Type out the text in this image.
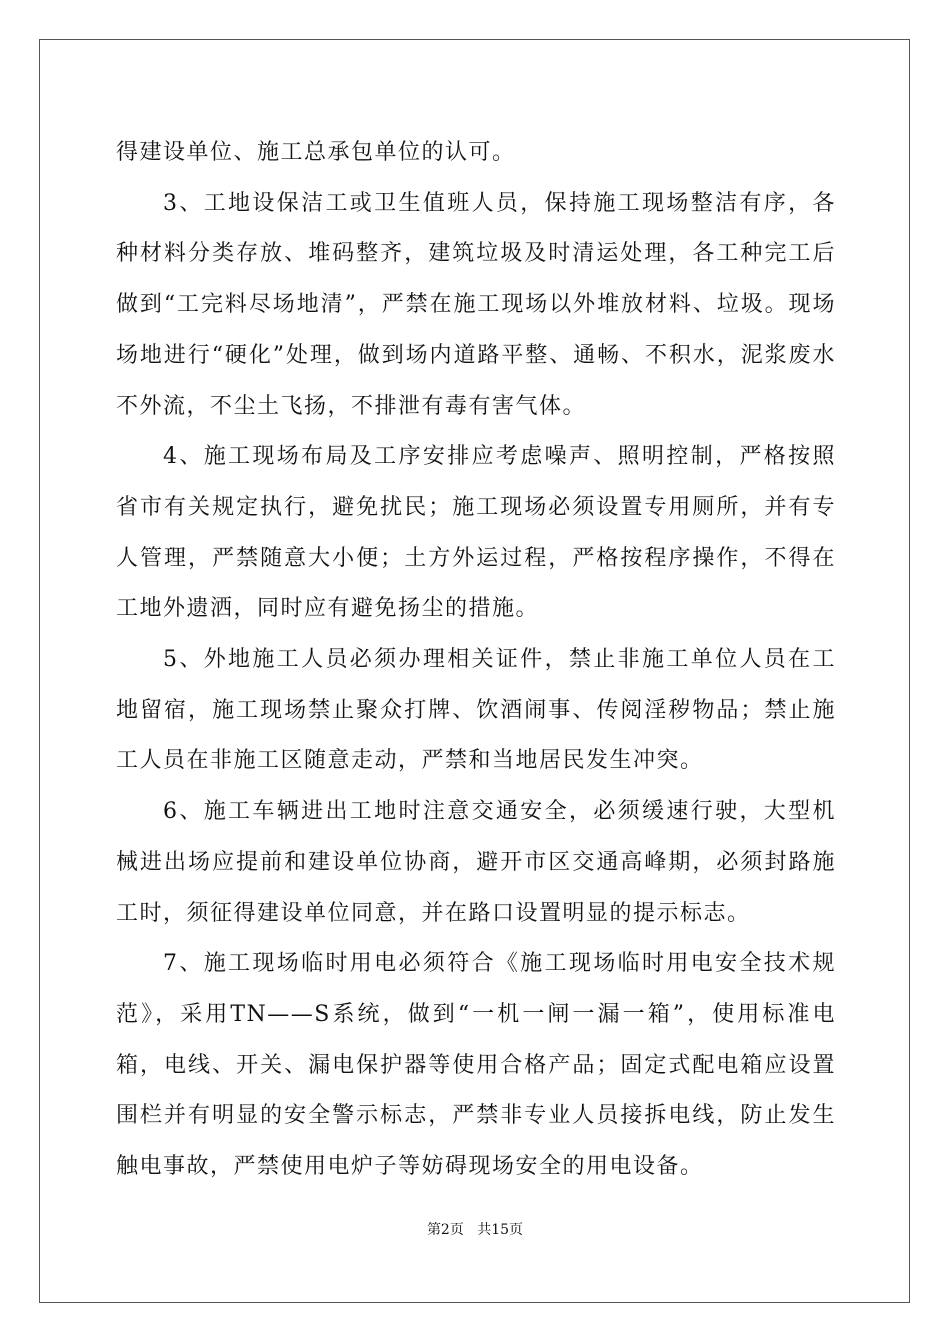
得建设单位、施工总承包单位的认可。

3、工地设保洁工或卫生值班人员，保持施工现场整洁有序，各种材料分类存放、堆码整齐，建筑垃圾及时清运处理，各工种完工后做到“工完料尽场地清”，严禁在施工现场以外堆放材料、垃圾。现场场地进行“硬化”处理，做到场内道路平整、通畅、不积水，泥浆废水不外流，不尘土飞扬，不排泄有毒有害气体。

4、施工现场布局及工序安排应考虑噪声、照明控制，严格按照省市有关规定执行，避免扰民；施工现场必须设置专用厕所，并有专人管理，严禁随意大小便；土方外运过程，严格按程序操作，不得在工地外遗洒，同时应有避免扬尘的措施。

5、外地施工人员必须办理相关证件，禁止非施工单位人员在工地留宿，施工现场禁止聚众打牌、饮酒闹事、传阅淫秽物品；禁止施工人员在非施工区随意走动，严禁和当地居民发生冲突。

6、施工车辆进出工地时注意交通安全，必须缓速行驶，大型机械进出场应提前和建设单位协商，避开市区交通高峰期，必须封路施工时，须征得建设单位同意，并在路口设置明显的提示标志。

7、施工现场临时用电必须符合《施工现场临时用电安全技术规范》，采用TN——S系统，做到“一机一闸一漏一箱”，使用标准电箱，电线、开关、漏电保护器等使用合格产品；固定式配电箱应设置围栏并有明显的安全警示标志，严禁非专业人员接拆电线，防止发生触电事故，严禁使用电炉子等妨碍现场安全的用电设备。

第2页 共15页
